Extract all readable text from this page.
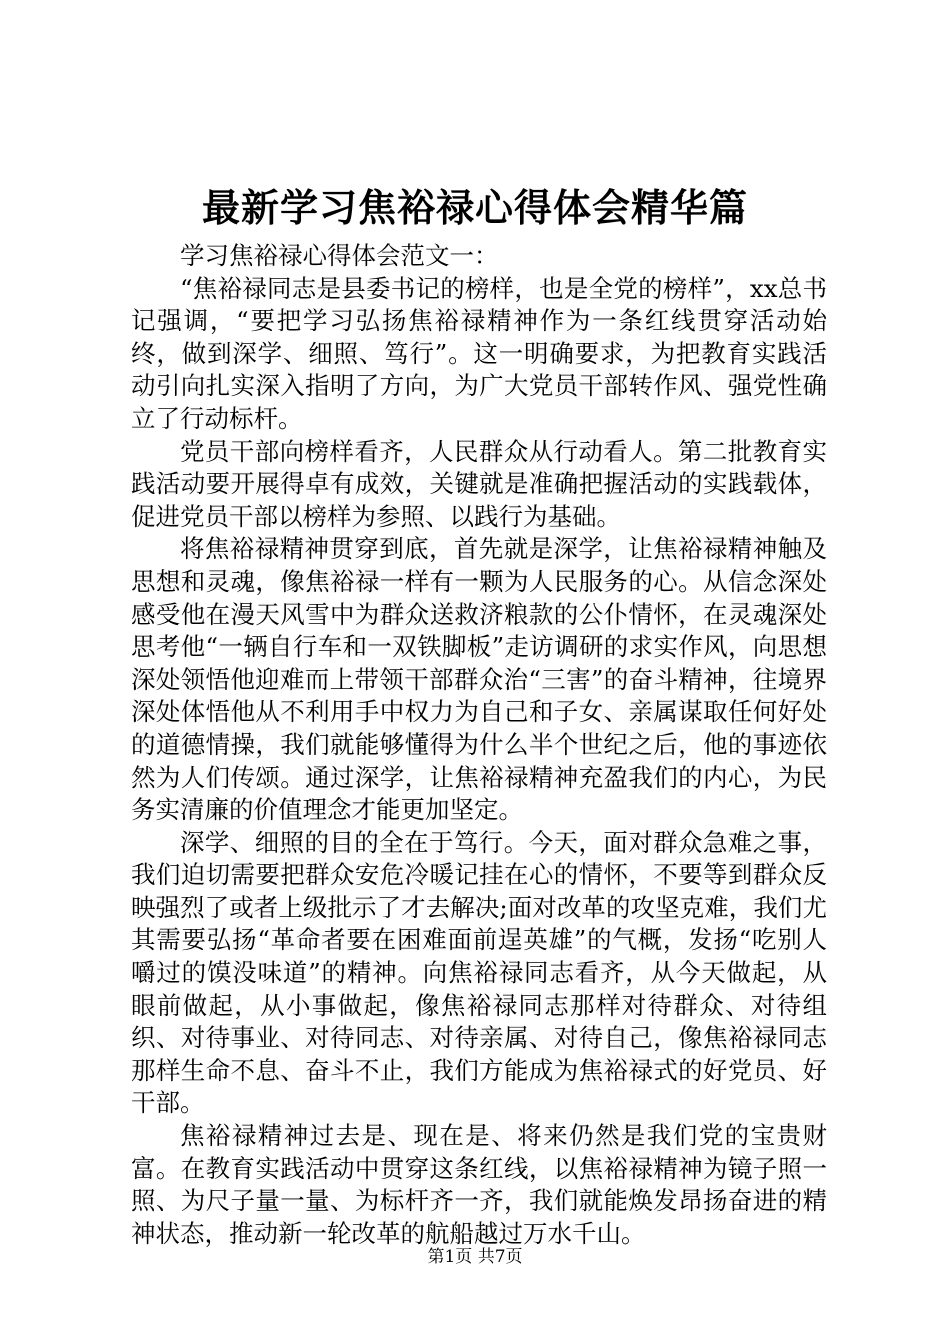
最新学习焦裕禄心得体会精华篇

学习焦裕禄心得体会范文一：

“焦裕禄同志是县委书记的榜样，也是全党的榜样”，xx总书记强调，“要把学习弘扬焦裕禄精神作为一条红线贯穿活动始终，做到深学、细照、笃行”。这一明确要求，为把教育实践活动引向扎实深入指明了方向，为广大党员干部转作风、强党性确立了行动标杆。

党员干部向榜样看齐，人民群众从行动看人。第二批教育实践活动要开展得卓有成效，关键就是准确把握活动的实践载体，促进党员干部以榜样为参照、以践行为基础。

将焦裕禄精神贯穿到底，首先就是深学，让焦裕禄精神触及思想和灵魂，像焦裕禄一样有一颗为人民服务的心。从信念深处感受他在漫天风雪中为群众送救济粮款的公仆情怀，在灵魂深处思考他“一辆自行车和一双铁脚板”走访调研的求实作风，向思想深处领悟他迎难而上带领干部群众治“三害”的奋斗精神，往境界深处体悟他从不利用手中权力为自己和子女、亲属谋取任何好处的道德情操，我们就能够懂得为什么半个世纪之后，他的事迹依然为人们传颂。通过深学，让焦裕禄精神充盈我们的内心，为民务实清廉的价值理念才能更加坚定。

深学、细照的目的全在于笃行。今天，面对群众急难之事，我们迫切需要把群众安危冷暖记挂在心的情怀，不要等到群众反映强烈了或者上级批示了才去解决;面对改革的攻坚克难，我们尤其需要弘扬“革命者要在困难面前逞英雄”的气概，发扬“吃别人嚼过的馍没味道”的精神。向焦裕禄同志看齐，从今天做起，从眼前做起，从小事做起，像焦裕禄同志那样对待群众、对待组织、对待事业、对待同志、对待亲属、对待自己，像焦裕禄同志那样生命不息、奋斗不止，我们方能成为焦裕禄式的好党员、好干部。

焦裕禄精神过去是、现在是、将来仍然是我们党的宝贵财富。在教育实践活动中贯穿这条红线，以焦裕禄精神为镜子照一照、为尺子量一量、为标杆齐一齐，我们就能焕发昂扬奋进的精神状态，推动新一轮改革的航船越过万水千山。

第1页 共7页
